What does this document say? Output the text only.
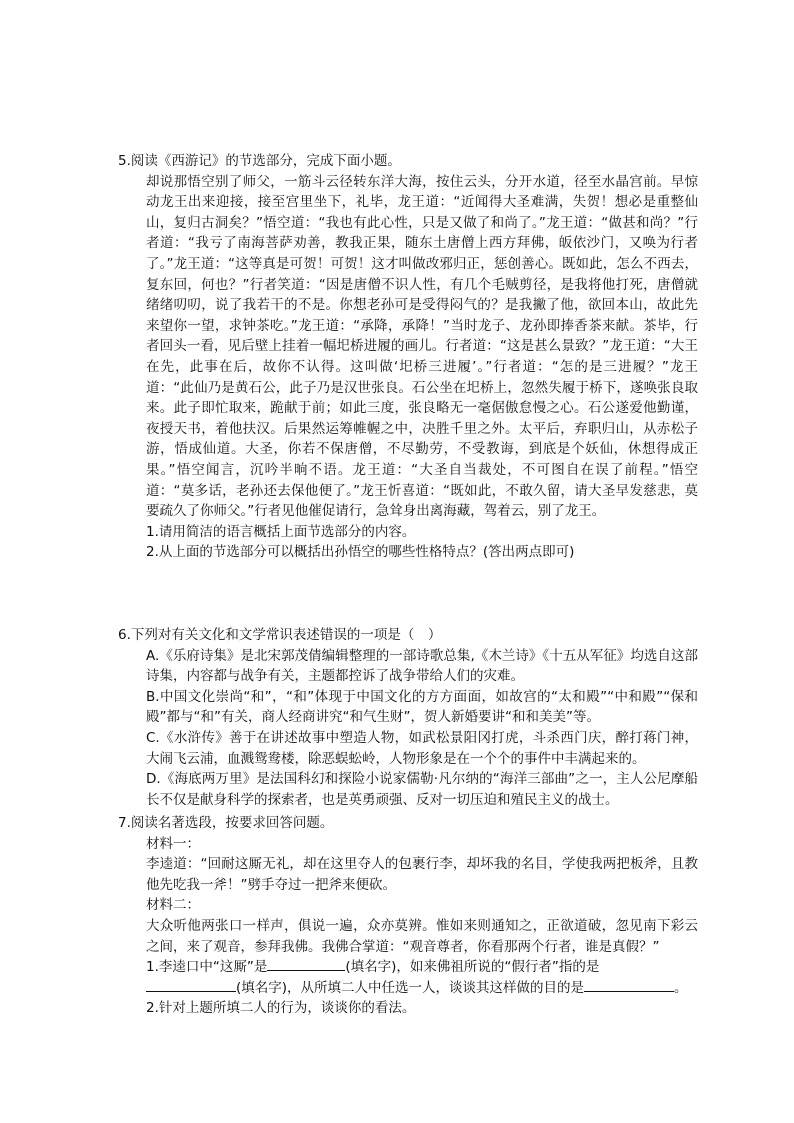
5.阅读《西游记》的节选部分，完成下面小题。

却说那悟空别了师父，一筋斗云径转东洋大海，按住云头，分开水道，径至水晶宫前。早惊动龙王出来迎接，接至宫里坐下，礼毕，龙王道：“近闻得大圣难满，失贺！想必是重整仙山，复归古洞矣？”悟空道：“我也有此心性，只是又做了和尚了。”龙王道：“做甚和尚？”行者道：“我亏了南海菩萨劝善，教我正果，随东土唐僧上西方拜佛，皈依沙门，又唤为行者了。”龙王道：“这等真是可贺！可贺！这才叫做改邪归正，惩创善心。既如此，怎么不西去，复东回，何也？”行者笑道：“因是唐僧不识人性，有几个毛贼剪径，是我将他打死，唐僧就绪绪叨叨，说了我若干的不是。你想老孙可是受得闷气的？是我撇了他，欲回本山，故此先来望你一望，求钟茶吃。”龙王道：“承降，承降！”当时龙子、龙孙即捧香茶来献。茶毕，行者回头一看，见后壁上挂着一幅圯桥进履的画儿。行者道：“这是甚么景致？”龙王道：“大王在先，此事在后，故你不认得。这叫做‘圯桥三进履’。”行者道：“怎的是三进履？”龙王道：“此仙乃是黄石公，此子乃是汉世张良。石公坐在圯桥上，忽然失履于桥下，遂唤张良取来。此子即忙取来，跪献于前；如此三度，张良略无一毫倨傲怠慢之心。石公遂爱他勤谨，夜授天书，着他扶汉。后果然运筹帷幄之中，决胜千里之外。太平后，弃职归山，从赤松子游，悟成仙道。大圣，你若不保唐僧，不尽勤劳，不受教诲，到底是个妖仙，休想得成正果。”悟空闻言，沉吟半晌不语。龙王道：“大圣自当裁处，不可图自在误了前程。”悟空道：“莫多话，老孙还去保他便了。”龙王忻喜道：“既如此，不敢久留，请大圣早发慈悲，莫要疏久了你师父。”行者见他催促请行，急耸身出离海藏，驾着云，别了龙王。

1.请用简洁的语言概括上面节选部分的内容。

2.从上面的节选部分可以概括出孙悟空的哪些性格特点？(答出两点即可)

6.下列对有关文化和文学常识表述错误的一项是（　）

A.《乐府诗集》是北宋郭茂倩编辑整理的一部诗歌总集,《木兰诗》《十五从军征》均选自这部诗集，内容都与战争有关，主题都控诉了战争带给人们的灾难。

B.中国文化崇尚“和”，“和”体现于中国文化的方方面面，如故宫的“太和殿”“中和殿”“保和殿”都与“和”有关，商人经商讲究“和气生财”，贺人新婚要讲“和和美美”等。

C.《水浒传》善于在讲述故事中塑造人物，如武松景阳冈打虎，斗杀西门庆，醉打蒋门神，大闹飞云浦，血溅鸳鸯楼，除恶蜈蚣岭，人物形象是在一个个的事件中丰满起来的。

D.《海底两万里》是法国科幻和探险小说家儒勒·凡尔纳的“海洋三部曲”之一，主人公尼摩船长不仅是献身科学的探索者，也是英勇顽强、反对一切压迫和殖民主义的战士。

7.阅读名著选段，按要求回答问题。

材料一：

李逵道：“回耐这厮无礼，却在这里夺人的包裹行李，却坏我的名目，学使我两把板斧，且教他先吃我一斧！”劈手夺过一把斧来便砍。

材料二：

大众听他两张口一样声，俱说一遍，众亦莫辨。惟如来则通知之，正欲道破，忽见南下彩云之间，来了观音，参拜我佛。我佛合掌道：“观音尊者，你看那两个行者，谁是真假？”

1.李逵口中“这厮”是	(填名字)，如来佛祖所说的“假行者”指的是
(填名字)，从所填二人中任选一人，谈谈其这样做的目的是	。

2.针对上题所填二人的行为，谈谈你的看法。
